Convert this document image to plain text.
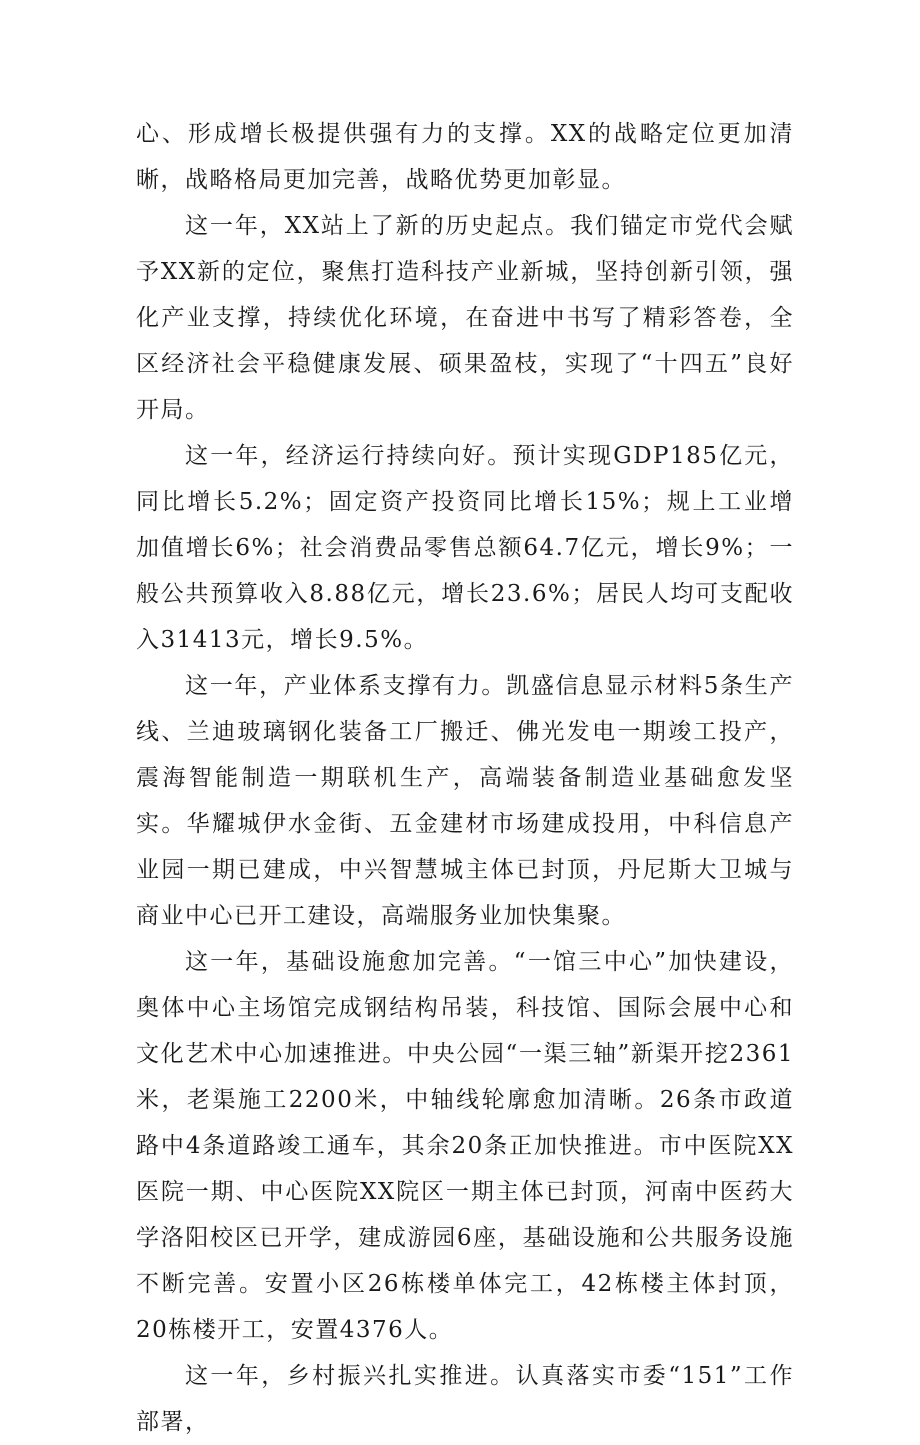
心、形成增长极提供强有力的支撑。XX的战略定位更加清晰，战略格局更加完善，战略优势更加彰显。

这一年，XX站上了新的历史起点。我们锚定市党代会赋予XX新的定位，聚焦打造科技产业新城，坚持创新引领，强化产业支撑，持续优化环境，在奋进中书写了精彩答卷，全区经济社会平稳健康发展、硕果盈枝，实现了“十四五”良好开局。

这一年，经济运行持续向好。预计实现GDP185亿元，同比增长5.2%；固定资产投资同比增长15%；规上工业增加值增长6%；社会消费品零售总额64.7亿元，增长9%；一般公共预算收入8.88亿元，增长23.6%；居民人均可支配收入31413元，增长9.5%。

这一年，产业体系支撑有力。凯盛信息显示材料5条生产线、兰迪玻璃钢化装备工厂搬迁、佛光发电一期竣工投产，震海智能制造一期联机生产，高端装备制造业基础愈发坚实。华耀城伊水金街、五金建材市场建成投用，中科信息产业园一期已建成，中兴智慧城主体已封顶，丹尼斯大卫城与商业中心已开工建设，高端服务业加快集聚。

这一年，基础设施愈加完善。“一馆三中心”加快建设，奥体中心主场馆完成钢结构吊装，科技馆、国际会展中心和文化艺术中心加速推进。中央公园“一渠三轴”新渠开挖2361米，老渠施工2200米，中轴线轮廓愈加清晰。26条市政道路中4条道路竣工通车，其余20条正加快推进。市中医院XX医院一期、中心医院XX院区一期主体已封顶，河南中医药大学洛阳校区已开学，建成游园6座，基础设施和公共服务设施不断完善。安置小区26栋楼单体完工，42栋楼主体封顶，20栋楼开工，安置4376人。

这一年，乡村振兴扎实推进。认真落实市委“151”工作部署，
